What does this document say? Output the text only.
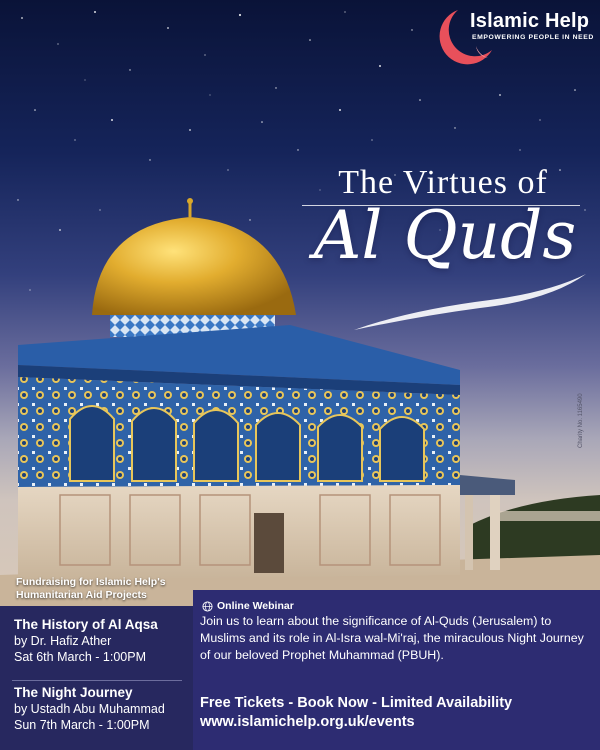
Islamic Help
EMPOWERING PEOPLE IN NEED
The Virtues of
Al Quds
Charity No. 1165490
Fundraising for Islamic Help's Humanitarian Aid Projects
The History of Al Aqsa
by Dr. Hafiz Ather
Sat 6th March - 1:00PM
The Night Journey
by Ustadh Abu Muhammad
Sun 7th March - 1:00PM
Online Webinar
Join us to learn about the significance of Al-Quds (Jerusalem) to Muslims and its role in Al-Isra wal-Mi'raj, the miraculous Night Journey of our beloved Prophet Muhammad (PBUH).
Free Tickets - Book Now - Limited Availability
www.islamichelp.org.uk/events
